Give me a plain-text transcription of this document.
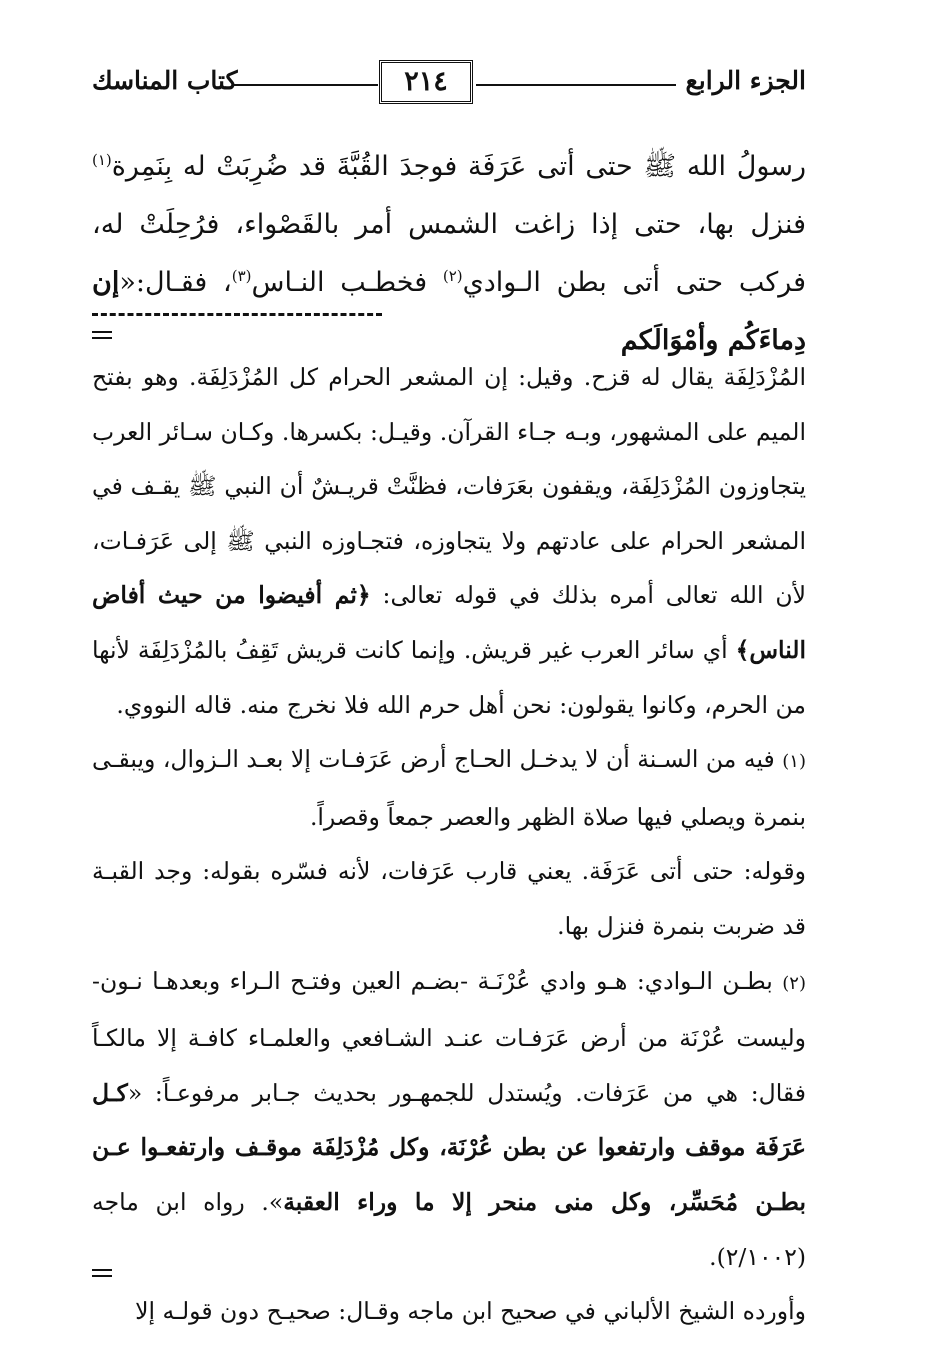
الجزء الرابع
٢١٤
كتاب المناسك

رسولُ الله ﷺ حتى أتى عَرَفَة فوجدَ القُبَّةَ قد ضُرِبَتْ له بِنَمِرة$^{(١)}$ فنزل بها، حتى إذا زاغت الشمس أمر بالقَصْواء، فرُحِلَتْ له، فركب حتى أتى بطن الـوادي$^{(٢)}$ فخطـب النـاس$^{(٣)}$، فقـال:«إن دِماءَكُم وأمْوَالَكم

المُزْدَلِفَة يقال له قزح. وقيل: إن المشعر الحرام كل المُزْدَلِفَة. وهو بفتح الميم على المشهور، وبـه جـاء القرآن. وقيـل: بكسرها. وكـان سـائر العرب يتجاوزون المُزْدَلِفَة، ويقفون بعَرَفات، فظنَّتْ قريـشٌ أن النبي ﷺ يقـف في المشعر الحرام على عادتهم ولا يتجاوزه، فتجـاوزه النبي ﷺ إلى عَرَفـات، لأن الله تعالى أمره بذلك في قوله تعالى: ﴿ثم أفيضوا من حيث أفاض الناس﴾ أي سائر العرب غير قريش. وإنما كانت قريش تَقِفُ بالمُزْدَلِفَة لأنها من الحرم، وكانوا يقولون: نحن أهل حرم الله فلا نخرج منه. قاله النووي.

(١) فيه من السـنة أن لا يدخـل الحـاج أرض عَرَفـات إلا بعـد الـزوال، ويبقـى بنمرة ويصلي فيها صلاة الظهر والعصر جمعاً وقصراً.

وقوله: حتى أتى عَرَفَة. يعني قارب عَرَفات، لأنه فسّره بقوله: وجد القبـة قد ضربت بنمرة فنزل بها.

(٢) بطـن الـوادي: هـو وادي عُرْنَـة -بضـم العين وفتـح الـراء وبعدهـا نـون- وليست عُرْنَة من أرض عَرَفـات عنـد الشـافعي والعلمـاء كافـة إلا مالكـاً فقال: هي من عَرَفات. ويُستدل للجمهـور بحديث جـابر مرفوعـاً: «كـل عَرَفَة موقف وارتفعوا عن بطن عُرْنَة، وكل مُزْدَلِفَة موقـف وارتفعـوا عـن بطـن مُحَسِّر، وكل منى منحر إلا ما وراء العقبة». رواه ابن ماجه (٢/١٠٠٢).

وأورده الشيخ الألباني في صحيح ابن ماجه وقـال: صحيـح دون قولـه إلا
